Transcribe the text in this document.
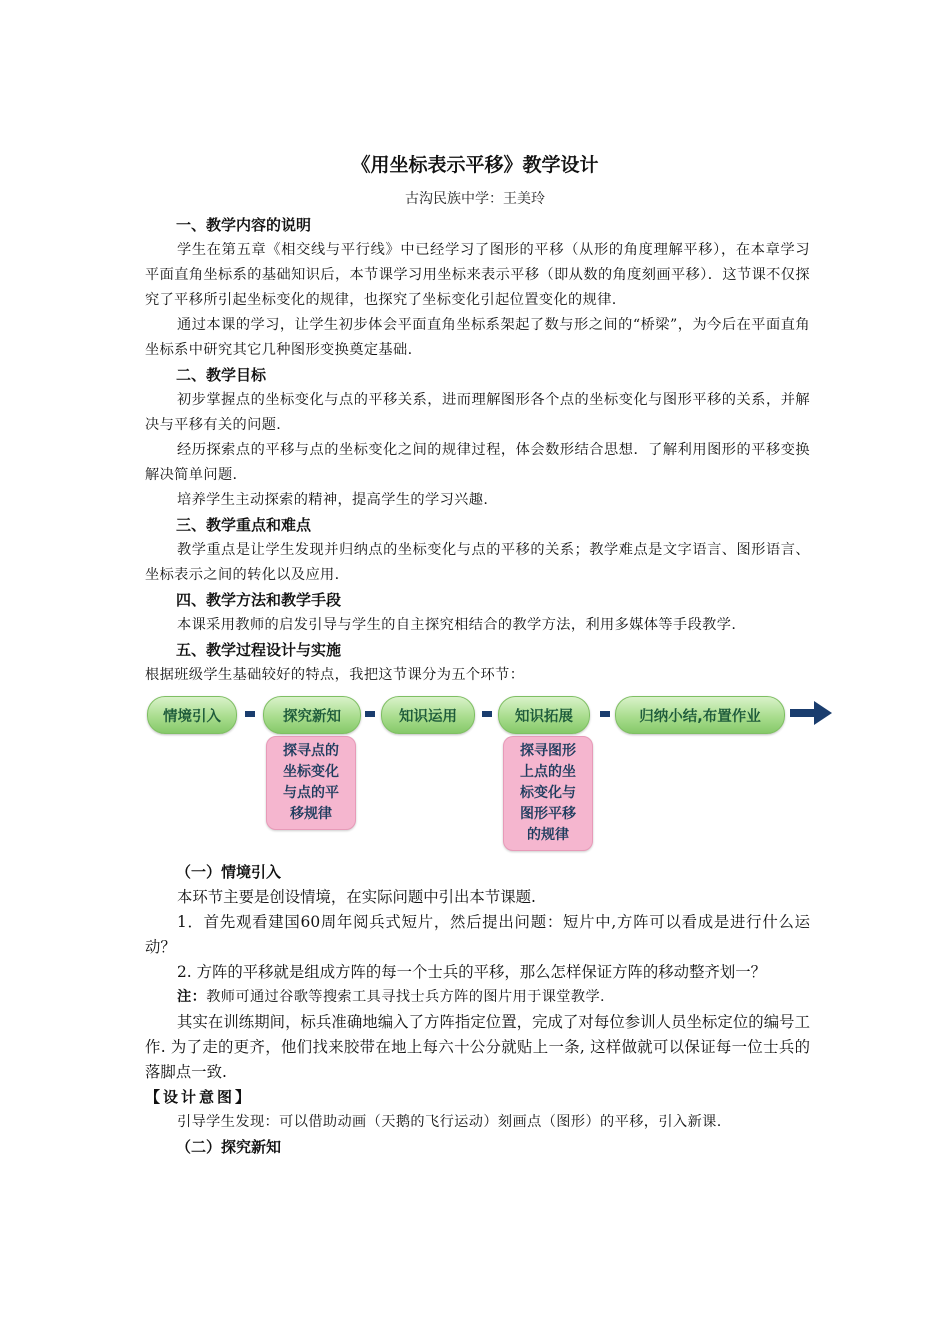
《用坐标表示平移》教学设计
古沟民族中学：王美玲
一、教学内容的说明
学生在第五章《相交线与平行线》中已经学习了图形的平移（从形的角度理解平移），在本章学习平面直角坐标系的基础知识后，本节课学习用坐标来表示平移（即从数的角度刻画平移）．这节课不仅探究了平移所引起坐标变化的规律，也探究了坐标变化引起位置变化的规律.
通过本课的学习，让学生初步体会平面直角坐标系架起了数与形之间的“桥梁”，为今后在平面直角坐标系中研究其它几种图形变换奠定基础.
二、教学目标
初步掌握点的坐标变化与点的平移关系，进而理解图形各个点的坐标变化与图形平移的关系，并解决与平移有关的问题.
经历探索点的平移与点的坐标变化之间的规律过程，体会数形结合思想．了解利用图形的平移变换解决简单问题.
培养学生主动探索的精神，提高学生的学习兴趣.
三、教学重点和难点
教学重点是让学生发现并归纳点的坐标变化与点的平移的关系；教学难点是文字语言、图形语言、坐标表示之间的转化以及应用.
四、教学方法和教学手段
本课采用教师的启发引导与学生的自主探究相结合的教学方法，利用多媒体等手段教学.
五、教学过程设计与实施
根据班级学生基础较好的特点，我把这节课分为五个环节：
情境引入	探究新知	知识运用	知识拓展	归纳小结,布置作业
探寻点的
坐标变化
与点的平
移规律
探寻图形
上点的坐
标变化与
图形平移
的规律
（一）情境引入
本环节主要是创设情境，在实际问题中引出本节课题.
1．首先观看建国60周年阅兵式短片，然后提出问题：短片中,方阵可以看成是进行什么运动？
2. 方阵的平移就是组成方阵的每一个士兵的平移，那么怎样保证方阵的移动整齐划一？
注：教师可通过谷歌等搜索工具寻找士兵方阵的图片用于课堂教学.
其实在训练期间，标兵准确地编入了方阵指定位置，完成了对每位参训人员坐标定位的编号工作. 为了走的更齐，他们找来胶带在地上每六十公分就贴上一条, 这样做就可以保证每一位士兵的落脚点一致.
【设计意图】
引导学生发现：可以借助动画（天鹅的飞行运动）刻画点（图形）的平移，引入新课.
（二）探究新知
